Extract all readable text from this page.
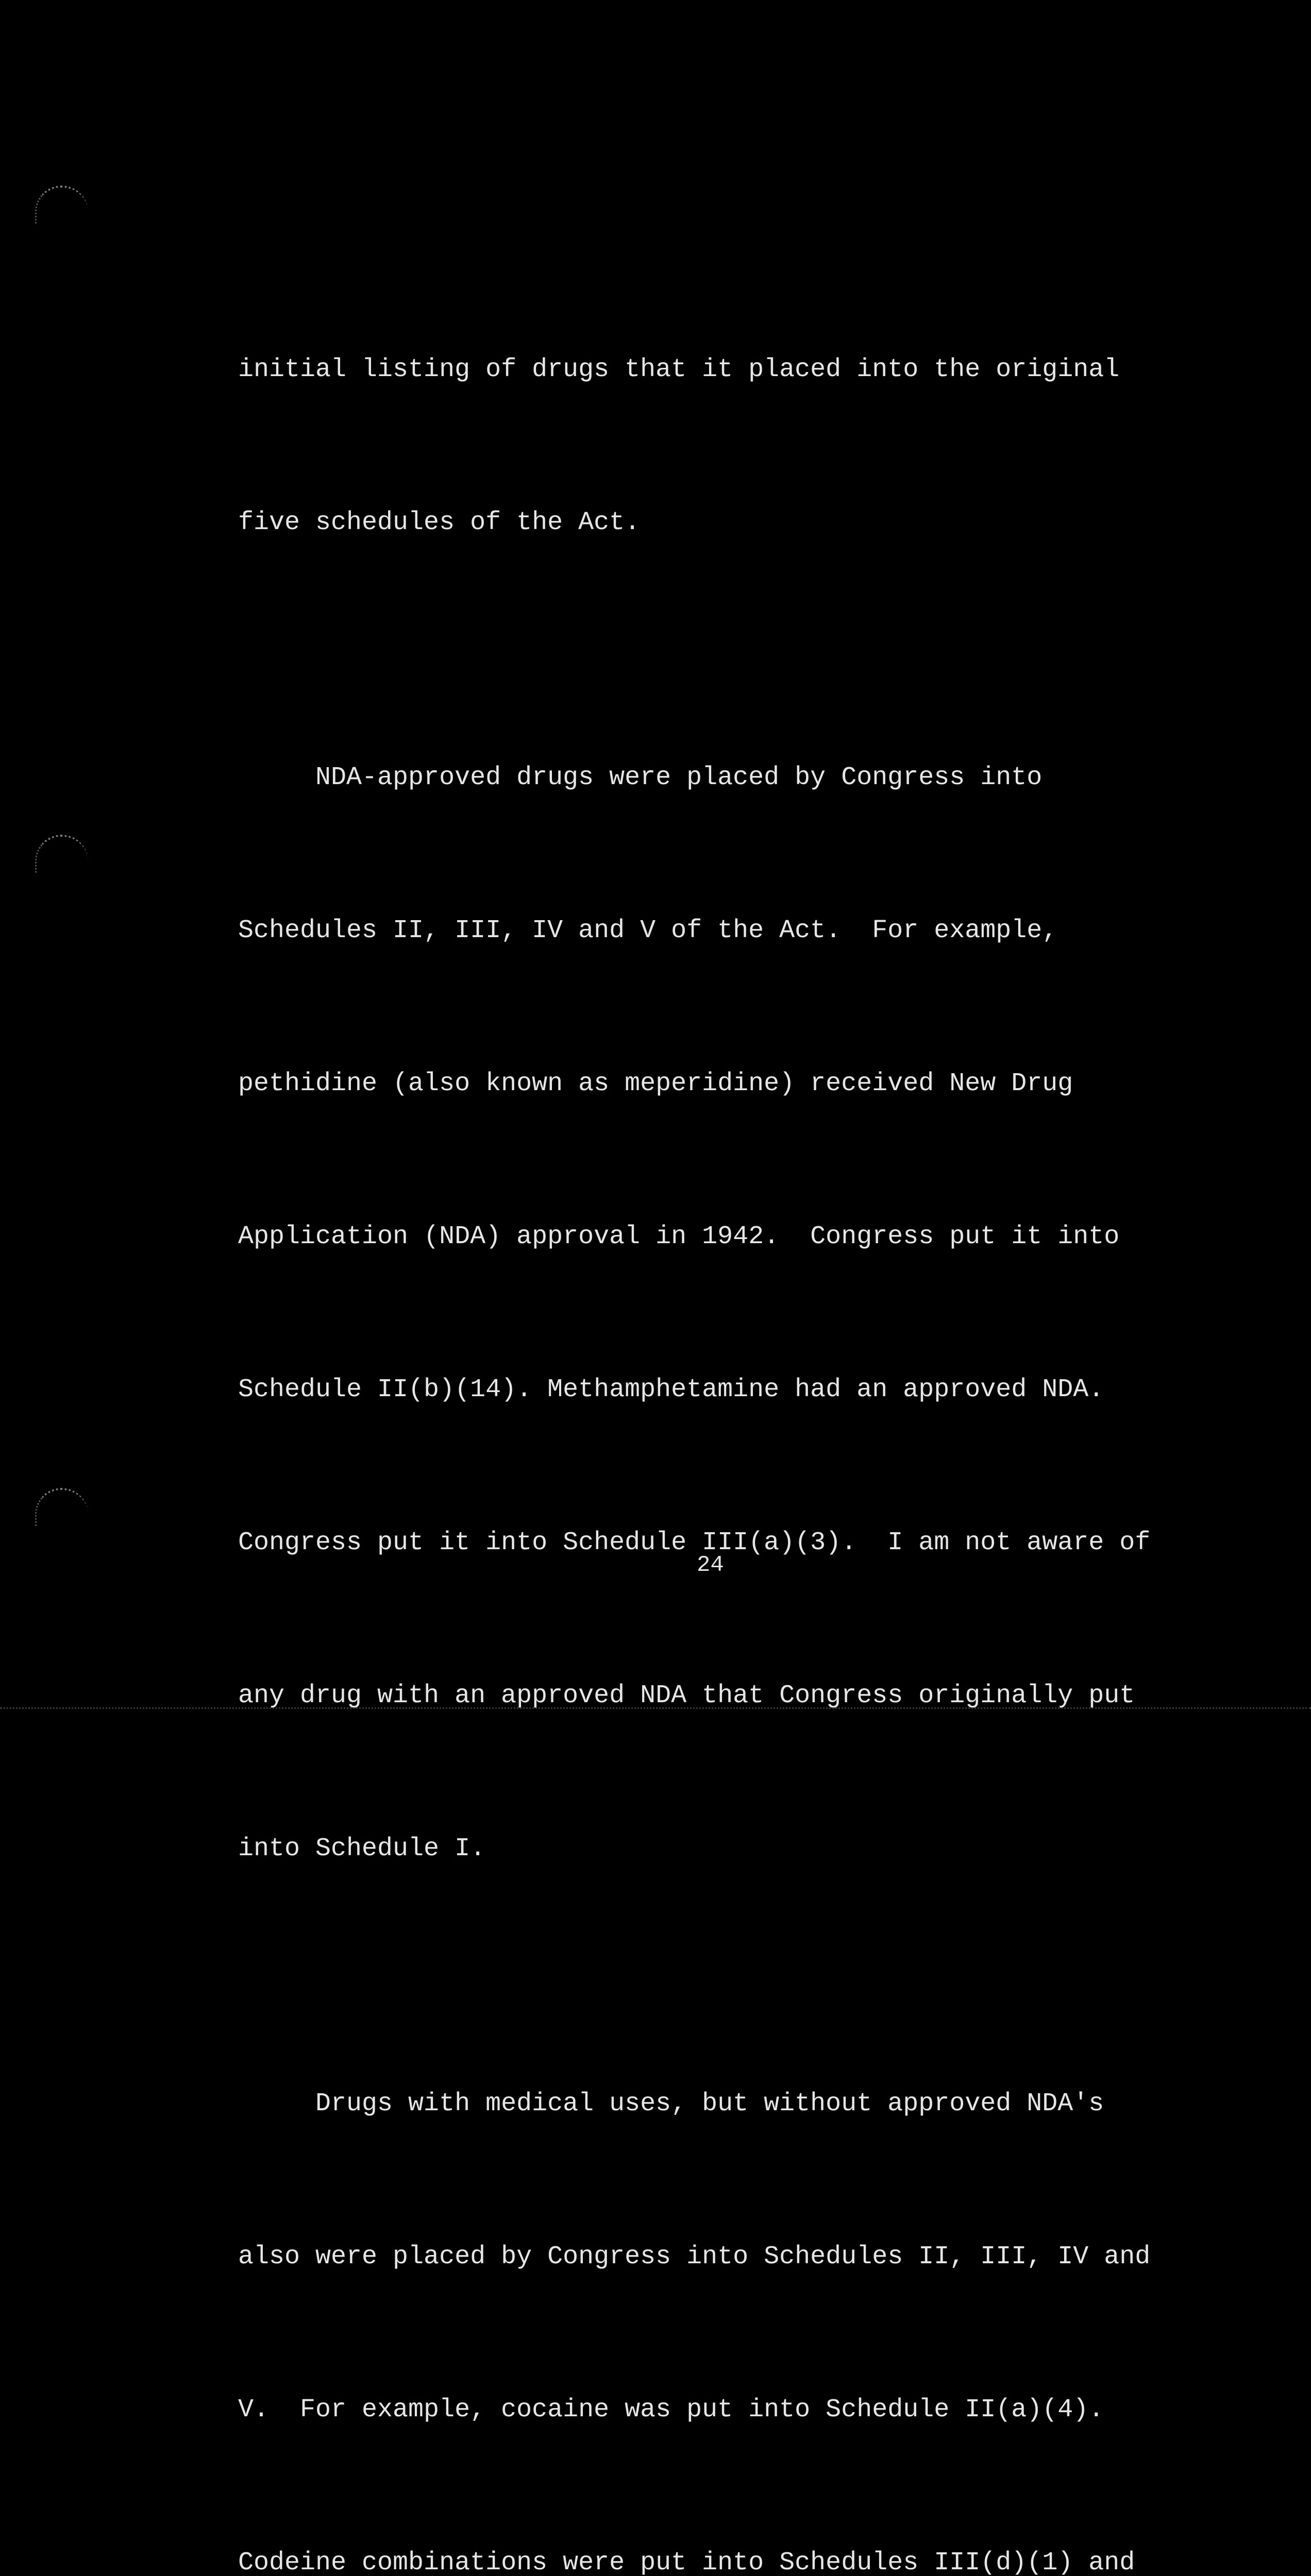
initial listing of drugs that it placed into the original

five schedules of the Act.

NDA-approved drugs were placed by Congress into

Schedules II, III, IV and V of the Act.  For example,

pethidine (also known as meperidine) received New Drug

Application (NDA) approval in 1942.  Congress put it into

Schedule II(b)(14). Methamphetamine had an approved NDA.

Congress put it into Schedule III(a)(3).  I am not aware of

any drug with an approved NDA that Congress originally put

into Schedule I.

Drugs with medical uses, but without approved NDA's

also were placed by Congress into Schedules II, III, IV and

V.  For example, cocaine was put into Schedule II(a)(4).

Codeine combinations were put into Schedules III(d)(1) and

24
